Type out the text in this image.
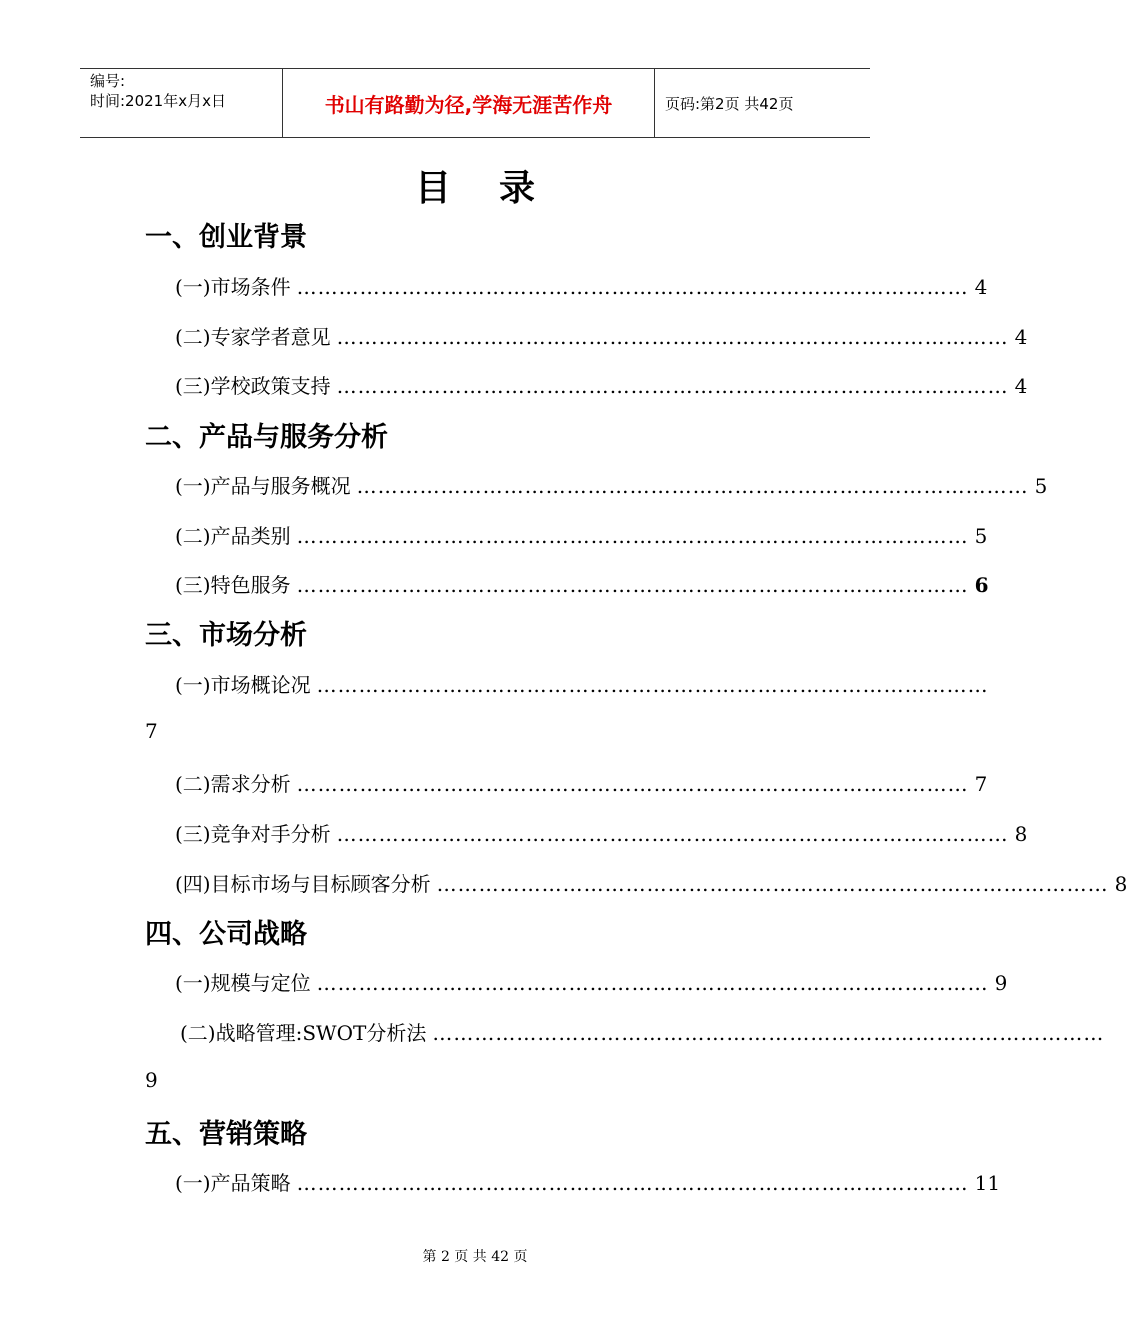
编号:
时间:2021年x月x日	书山有路勤为径,学海无涯苦作舟	页码:第2页 共42页
目录
一、创业背景
(一)市场条件 …………………………………………………………………………………… 4
(二)专家学者意见 …………………………………………………………………………………… 4
(三)学校政策支持 …………………………………………………………………………………… 4
二、产品与服务分析
(一)产品与服务概况 …………………………………………………………………………………… 5
(二)产品类别 …………………………………………………………………………………… 5
(三)特色服务 …………………………………………………………………………………… 6
三、市场分析
(一)市场概论况 ……………………………………………………………………………………
7
(二)需求分析 …………………………………………………………………………………… 7
(三)竞争对手分析 …………………………………………………………………………………… 8
(四)目标市场与目标顾客分析 …………………………………………………………………………………… 8
四、公司战略
(一)规模与定位 …………………………………………………………………………………… 9
(二)战略管理:SWOT分析法 ……………………………………………………………………………………
9
五、营销策略
(一)产品策略 …………………………………………………………………………………… 11
第 2 页 共 42 页
